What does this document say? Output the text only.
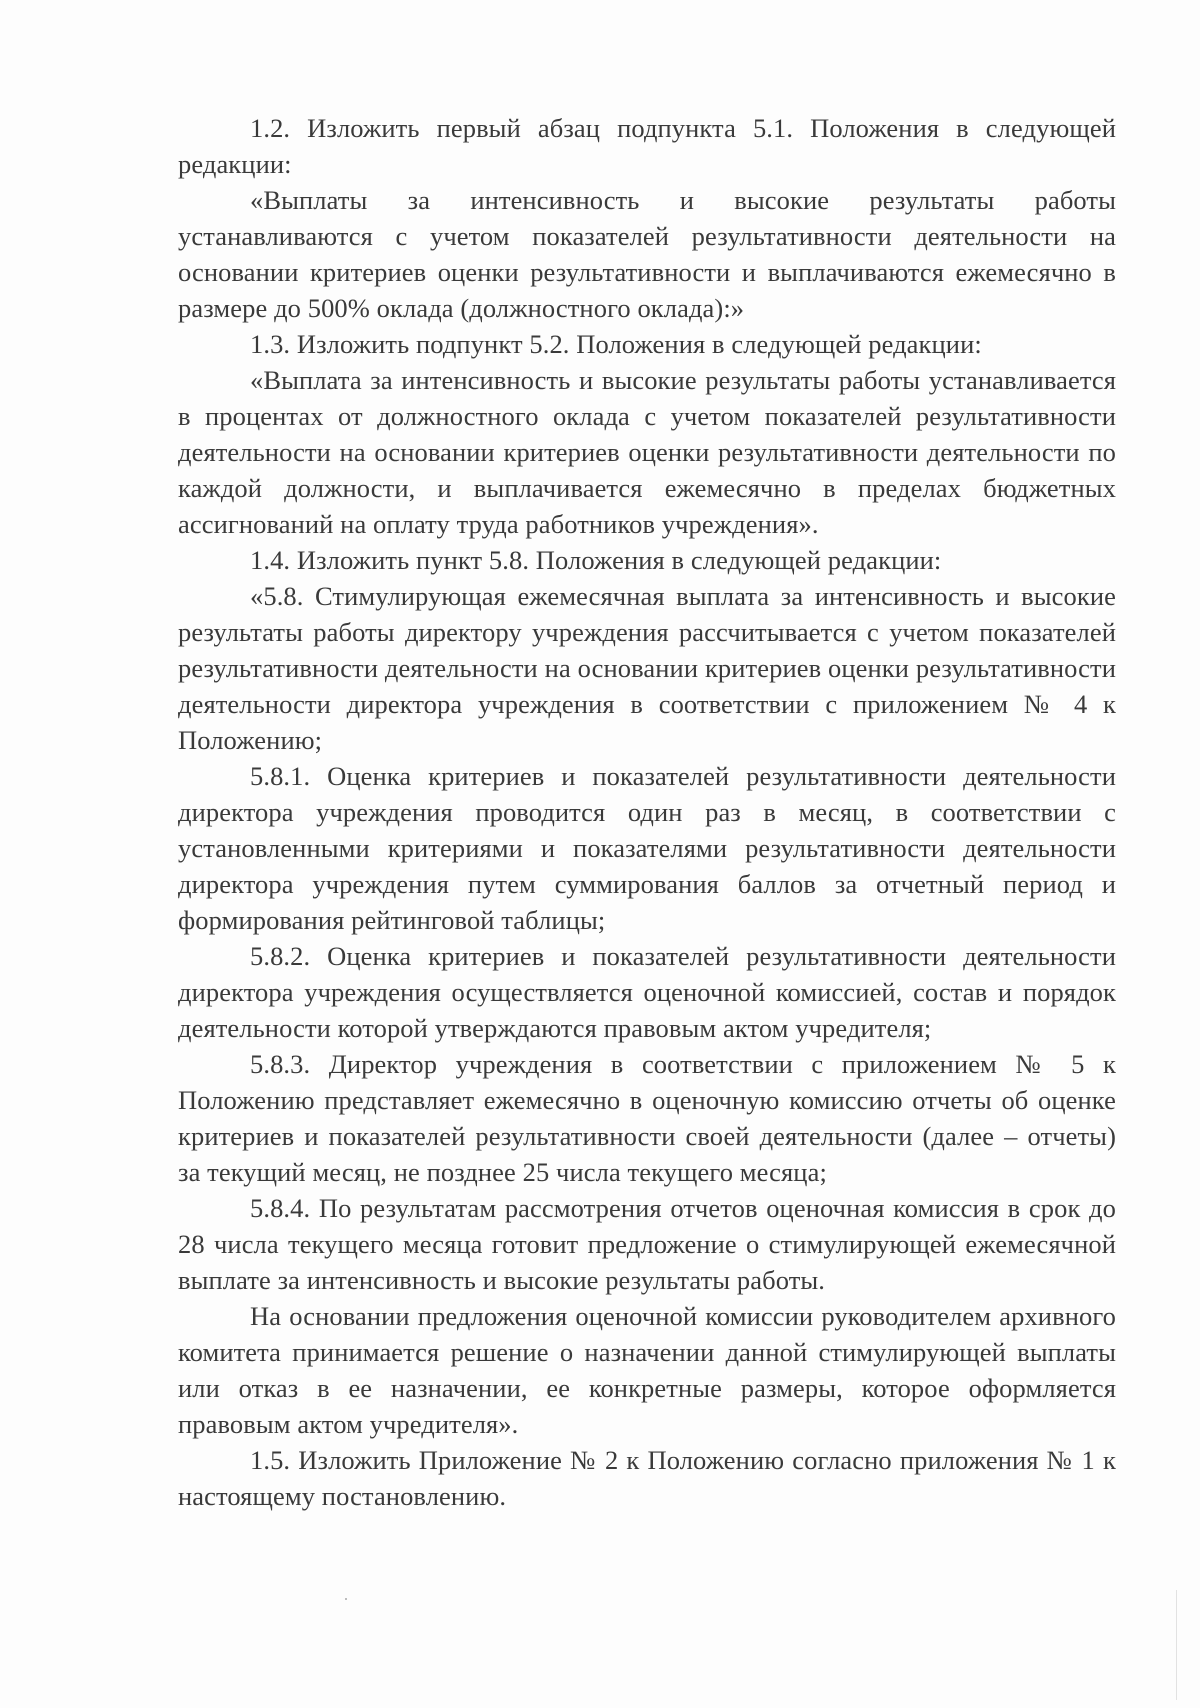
1.2. Изложить первый абзац подпункта 5.1. Положения в следующей редакции:

«Выплаты за интенсивность и высокие результаты работы устанавливаются с учетом показателей результативности деятельности на основании критериев оценки результативности и выплачиваются ежемесячно в размере до 500% оклада (должностного оклада):»

1.3. Изложить подпункт 5.2. Положения в следующей редакции:

«Выплата за интенсивность и высокие результаты работы устанавливается в процентах от должностного оклада с учетом показателей результативности деятельности на основании критериев оценки результативности деятельности по каждой должности, и выплачивается ежемесячно в пределах бюджетных ассигнований на оплату труда работников учреждения».

1.4. Изложить пункт 5.8. Положения в следующей редакции:

«5.8. Стимулирующая ежемесячная выплата за интенсивность и высокие результаты работы директору учреждения рассчитывается с учетом показателей результативности деятельности на основании критериев оценки результативности деятельности директора учреждения в соответствии с приложением № 4 к Положению;

5.8.1. Оценка критериев и показателей результативности деятельности директора учреждения проводится один раз в месяц, в соответствии с установленными критериями и показателями результативности деятельности директора учреждения путем суммирования баллов за отчетный период и формирования рейтинговой таблицы;

5.8.2. Оценка критериев и показателей результативности деятельности директора учреждения осуществляется оценочной комиссией, состав и порядок деятельности которой утверждаются правовым актом учредителя;

5.8.3. Директор учреждения в соответствии с приложением № 5 к Положению представляет ежемесячно в оценочную комиссию отчеты об оценке критериев и показателей результативности своей деятельности (далее – отчеты) за текущий месяц, не позднее 25 числа текущего месяца;

5.8.4. По результатам рассмотрения отчетов оценочная комиссия в срок до 28 числа текущего месяца готовит предложение о стимулирующей ежемесячной выплате за интенсивность и высокие результаты работы.

На основании предложения оценочной комиссии руководителем архивного комитета принимается решение о назначении данной стимулирующей выплаты или отказ в ее назначении, ее конкретные размеры, которое оформляется правовым актом учредителя».

1.5. Изложить Приложение № 2 к Положению согласно приложения № 1 к настоящему постановлению.
